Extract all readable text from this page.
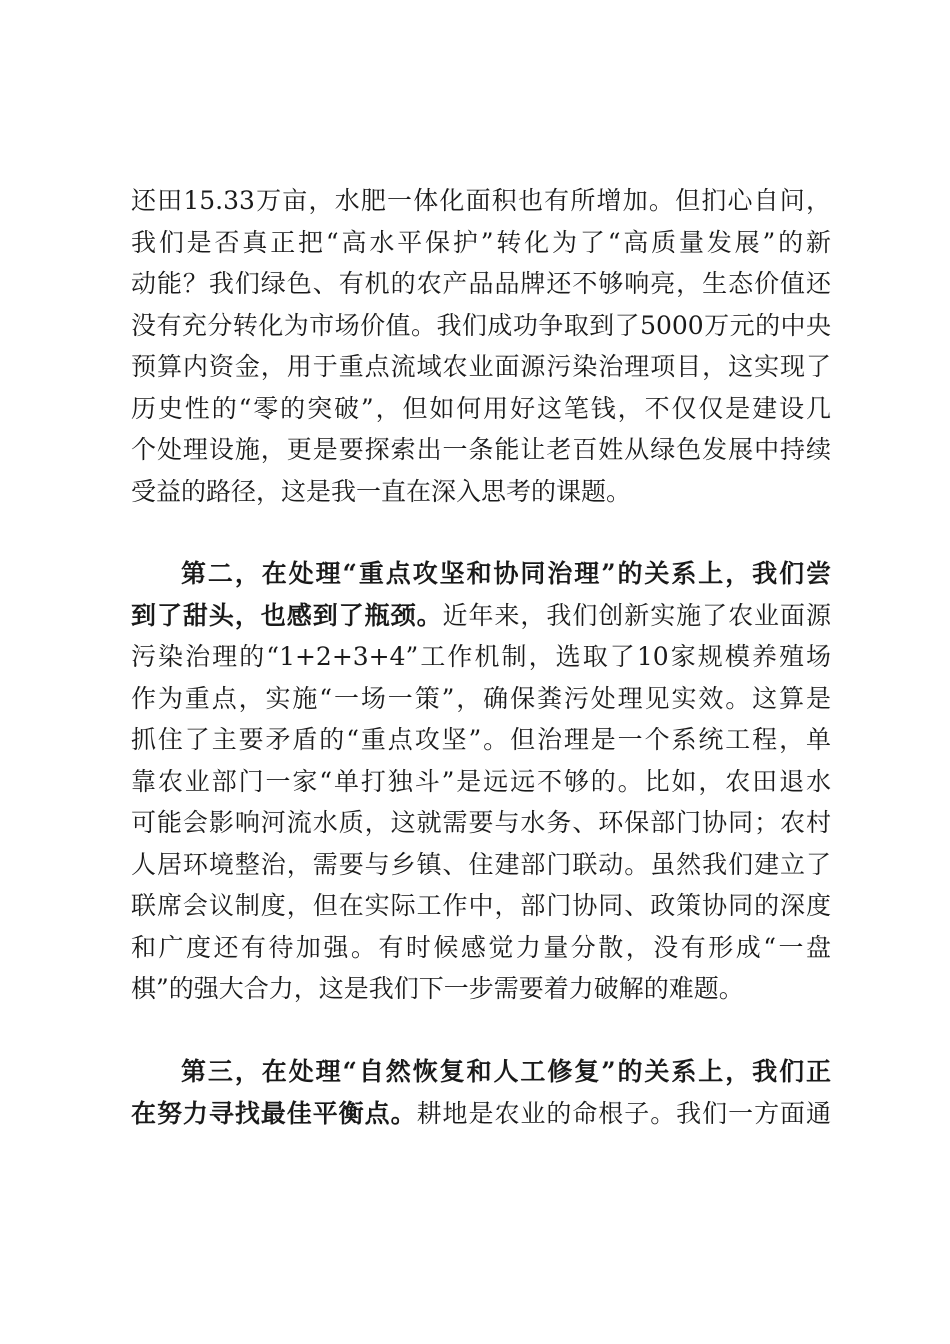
还田15.33万亩，水肥一体化面积也有所增加。但扪心自问，
我们是否真正把“高水平保护”转化为了“高质量发展”的新
动能？我们绿色、有机的农产品品牌还不够响亮，生态价值还
没有充分转化为市场价值。我们成功争取到了5000万元的中央
预算内资金，用于重点流域农业面源污染治理项目，这实现了
历史性的“零的突破”，但如何用好这笔钱，不仅仅是建设几
个处理设施，更是要探索出一条能让老百姓从绿色发展中持续
受益的路径，这是我一直在深入思考的课题。
第二，在处理“重点攻坚和协同治理”的关系上，我们尝
到了甜头，也感到了瓶颈。近年来，我们创新实施了农业面源
污染治理的“1+2+3+4”工作机制，选取了10家规模养殖场
作为重点，实施“一场一策”，确保粪污处理见实效。这算是
抓住了主要矛盾的“重点攻坚”。但治理是一个系统工程，单
靠农业部门一家“单打独斗”是远远不够的。比如，农田退水
可能会影响河流水质，这就需要与水务、环保部门协同；农村
人居环境整治，需要与乡镇、住建部门联动。虽然我们建立了
联席会议制度，但在实际工作中，部门协同、政策协同的深度
和广度还有待加强。有时候感觉力量分散，没有形成“一盘
棋”的强大合力，这是我们下一步需要着力破解的难题。
第三，在处理“自然恢复和人工修复”的关系上，我们正
在努力寻找最佳平衡点。耕地是农业的命根子。我们一方面通
